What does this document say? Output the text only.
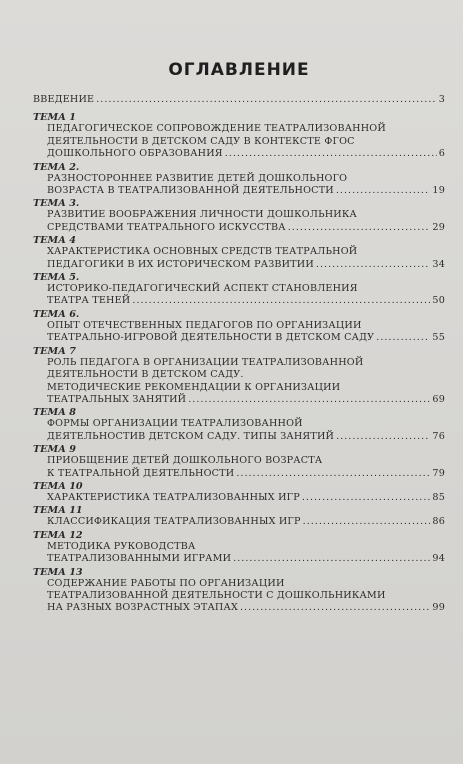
ОГЛАВЛЕНИЕ
ВВЕДЕНИЕ .....	3
ТЕМА 1
ПЕДАГОГИЧЕСКОЕ СОПРОВОЖДЕНИЕ ТЕАТРАЛИЗОВАННОЙ
ДЕЯТЕЛЬНОСТИ В ДЕТСКОМ САДУ В КОНТЕКСТЕ ФГОС
ДОШКОЛЬНОГО ОБРАЗОВАНИЯ .....	6
ТЕМА 2.
РАЗНОСТОРОННЕЕ РАЗВИТИЕ ДЕТЕЙ ДОШКОЛЬНОГО
ВОЗРАСТА В ТЕАТРАЛИЗОВАННОЙ ДЕЯТЕЛЬНОСТИ .....	19
ТЕМА 3.
РАЗВИТИЕ ВООБРАЖЕНИЯ ЛИЧНОСТИ ДОШКОЛЬНИКА
СРЕДСТВАМИ ТЕАТРАЛЬНОГО ИСКУССТВА .....	29
ТЕМА 4
ХАРАКТЕРИСТИКА ОСНОВНЫХ СРЕДСТВ ТЕАТРАЛЬНОЙ
ПЕДАГОГИКИ В ИХ ИСТОРИЧЕСКОМ РАЗВИТИИ .....	34
ТЕМА 5.
ИСТОРИКО-ПЕДАГОГИЧЕСКИЙ АСПЕКТ СТАНОВЛЕНИЯ
ТЕАТРА ТЕНЕЙ .....	50
ТЕМА 6.
ОПЫТ ОТЕЧЕСТВЕННЫХ ПЕДАГОГОВ ПО ОРГАНИЗАЦИИ
ТЕАТРАЛЬНО-ИГРОВОЙ ДЕЯТЕЛЬНОСТИ В ДЕТСКОМ САДУ .....	55
ТЕМА 7
РОЛЬ ПЕДАГОГА В ОРГАНИЗАЦИИ ТЕАТРАЛИЗОВАННОЙ
ДЕЯТЕЛЬНОСТИ В ДЕТСКОМ САДУ.
МЕТОДИЧЕСКИЕ РЕКОМЕНДАЦИИ К ОРГАНИЗАЦИИ
ТЕАТРАЛЬНЫХ ЗАНЯТИЙ .....	69
ТЕМА 8
ФОРМЫ ОРГАНИЗАЦИИ ТЕАТРАЛИЗОВАННОЙ
ДЕЯТЕЛЬНОСТИВ ДЕТСКОМ САДУ. ТИПЫ ЗАНЯТИЙ .....	76
ТЕМА 9
ПРИОБЩЕНИЕ ДЕТЕЙ ДОШКОЛЬНОГО ВОЗРАСТА
К ТЕАТРАЛЬНОЙ ДЕЯТЕЛЬНОСТИ .....	79
ТЕМА 10
ХАРАКТЕРИСТИКА ТЕАТРАЛИЗОВАННЫХ ИГР .....	85
ТЕМА 11
КЛАССИФИКАЦИЯ ТЕАТРАЛИЗОВАННЫХ ИГР .....	86
ТЕМА 12
МЕТОДИКА РУКОВОДСТВА
ТЕАТРАЛИЗОВАННЫМИ ИГРАМИ .....	94
ТЕМА 13
СОДЕРЖАНИЕ РАБОТЫ ПО ОРГАНИЗАЦИИ
ТЕАТРАЛИЗОВАННОЙ ДЕЯТЕЛЬНОСТИ С ДОШКОЛЬНИКАМИ
НА РАЗНЫХ ВОЗРАСТНЫХ ЭТАПАХ .....	99
